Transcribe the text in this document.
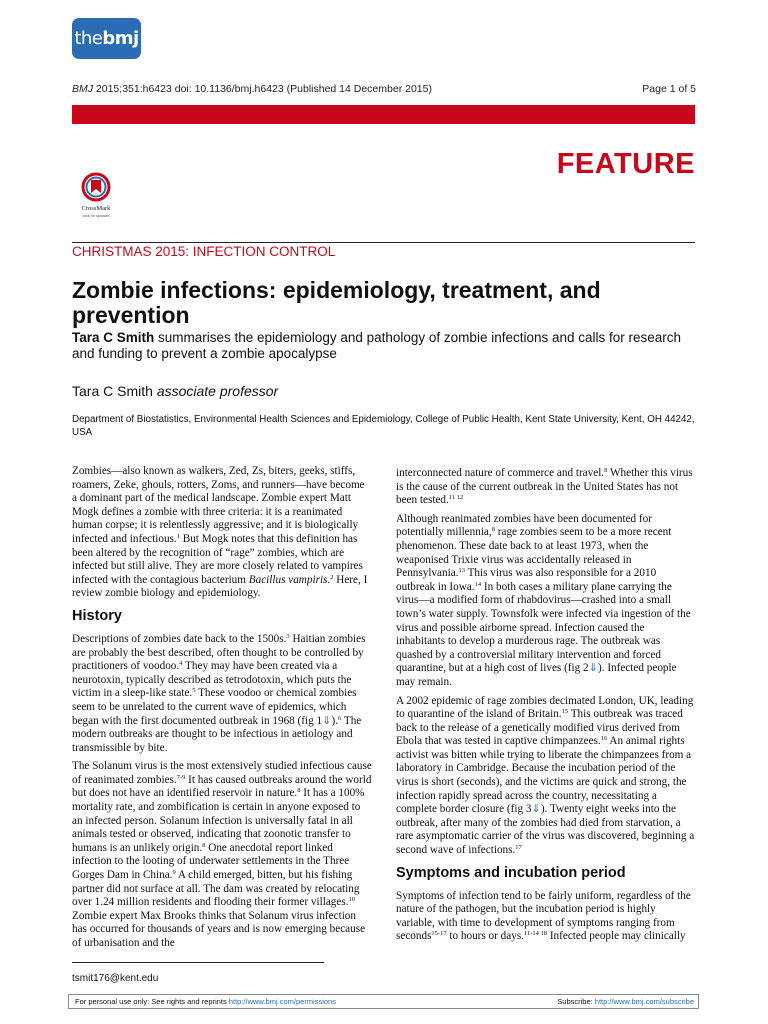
thebmj
BMJ 2015;351:h6423 doi: 10.1136/bmj.h6423 (Published 14 December 2015)	Page 1 of 5
FEATURE
CrossMark
click for updates
CHRISTMAS 2015: INFECTION CONTROL
Zombie infections: epidemiology, treatment, and prevention
Tara C Smith summarises the epidemiology and pathology of zombie infections and calls for research and funding to prevent a zombie apocalypse
Tara C Smith associate professor
Department of Biostatistics, Environmental Health Sciences and Epidemiology, College of Public Health, Kent State University, Kent, OH 44242, USA

Zombies—also known as walkers, Zed, Zs, biters, geeks, stiffs, roamers, Zeke, ghouls, rotters, Zoms, and runners—have become a dominant part of the medical landscape. Zombie expert Matt Mogk defines a zombie with three criteria: it is a reanimated human corpse; it is relentlessly aggressive; and it is biologically infected and infectious.$^1$ But Mogk notes that this definition has been altered by the recognition of “rage” zombies, which are infected but still alive. They are more closely related to vampires infected with the contagious bacterium Bacillus vampiris.$^2$ Here, I review zombie biology and epidemiology.

History

Descriptions of zombies date back to the 1500s.$^3$ Haitian zombies are probably the best described, often thought to be controlled by practitioners of voodoo.$^4$ They may have been created via a neurotoxin, typically described as tetrodotoxin, which puts the victim in a sleep-like state.$^5$ These voodoo or chemical zombies seem to be unrelated to the current wave of epidemics, which began with the first documented outbreak in 1968 (fig 1⇓).$^6$ The modern outbreaks are thought to be infectious in aetiology and transmissible by bite.

The Solanum virus is the most extensively studied infectious cause of reanimated zombies.$^{7-9}$ It has caused outbreaks around the world but does not have an identified reservoir in nature.$^8$ It has a 100% mortality rate, and zombification is certain in anyone exposed to an infected person. Solanum infection is universally fatal in all animals tested or observed, indicating that zoonotic transfer to humans is an unlikely origin.$^8$ One anecdotal report linked infection to the looting of underwater settlements in the Three Gorges Dam in China.$^9$ A child emerged, bitten, but his fishing partner did not surface at all. The dam was created by relocating over 1.24 million residents and flooding their former villages.$^{10}$ Zombie expert Max Brooks thinks that Solanum virus infection has occurred for thousands of years and is now emerging because of urbanisation and the

interconnected nature of commerce and travel.$^8$ Whether this virus is the cause of the current outbreak in the United States has not been tested.$^{11 12}$

Although reanimated zombies have been documented for potentially millennia,$^8$ rage zombies seem to be a more recent phenomenon. These date back to at least 1973, when the weaponised Trixie virus was accidentally released in Pennsylvania.$^{13}$ This virus was also responsible for a 2010 outbreak in Iowa.$^{14}$ In both cases a military plane carrying the virus—a modified form of rhabdovirus—crashed into a small town’s water supply. Townsfolk were infected via ingestion of the virus and possible airborne spread. Infection caused the inhabitants to develop a murderous rage. The outbreak was quashed by a controversial military intervention and forced quarantine, but at a high cost of lives (fig 2⇓). Infected people may remain.

A 2002 epidemic of rage zombies decimated London, UK, leading to quarantine of the island of Britain.$^{15}$ This outbreak was traced back to the release of a genetically modified virus derived from Ebola that was tested in captive chimpanzees.$^{16}$ An animal rights activist was bitten while trying to liberate the chimpanzees from a laboratory in Cambridge. Because the incubation period of the virus is short (seconds), and the victims are quick and strong, the infection rapidly spread across the country, necessitating a complete border closure (fig 3⇓). Twenty eight weeks into the outbreak, after many of the zombies had died from starvation, a rare asymptomatic carrier of the virus was discovered, beginning a second wave of infections.$^{17}$

Symptoms and incubation period

Symptoms of infection tend to be fairly uniform, regardless of the nature of the pathogen, but the incubation period is highly variable, with time to development of symptoms ranging from seconds$^{15-17}$ to hours or days.$^{11-14 18}$ Infected people may clinically

tsmit176@kent.edu
For personal use only: See rights and reprints http://www.bmj.com/permissions	Subscribe: http://www.bmj.com/subscribe
